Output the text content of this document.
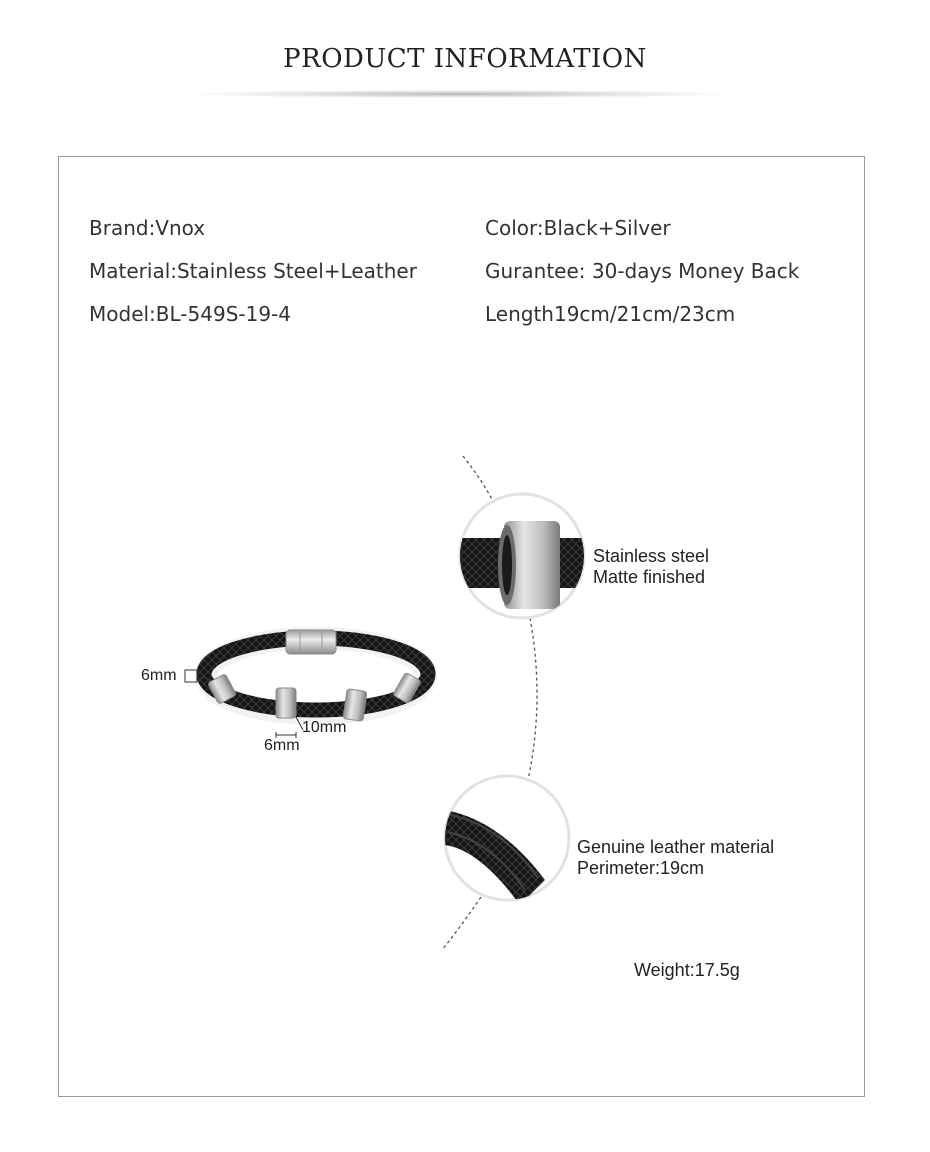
PRODUCT INFORMATION
Brand:Vnox
Material:Stainless Steel+Leather
Model:BL-549S-19-4
Color:Black+Silver
Gurantee: 30-days Money Back
Length19cm/21cm/23cm
6mm
10mm
6mm
Stainless steel
Matte finished
Genuine leather material
Perimeter:19cm
Weight:17.5g
